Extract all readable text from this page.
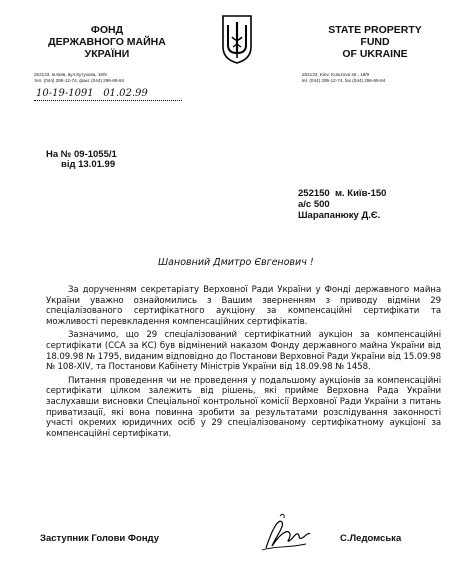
ФОНД
ДЕРЖАВНОГО МАЙНА
УКРАЇНИ
STATE PROPERTY
FUND
OF UKRAINE
252133, м.Київ, вул.Кутузова, 18/9
тел. (044) 295-12-74, факс (044) 296-69-84
252133, Kiev, Kutuzova str., 18/9
tel. (044) 295-12-74, fax (044) 296-69-84
10-19-1091   01.02.99
На № 09-1055/1
від 13.01.99
252150  м. Київ-150
а/с 500
Шарапанюку Д.Є.
Шановний Дмитро Євгенович !

За дорученням секретаріату Верховної Ради України у Фонді державного майна України уважно ознайомились з Вашим зверненням з приводу відміни 29 спеціалізованого сертифікатного аукціону за компенсаційні сертифікати та можливості перевкладення компенсаційних сертифікатів.

Зазначимо, що 29 спеціалізований сертифікатний аукціон за компенсаційні сертифікати (ССА за КС) був відмінений наказом Фонду державного майна України від 18.09.98 № 1795, виданим відповідно до Постанови Верховної Ради України від 15.09.98 № 108-XIV, та Постанови Кабінету Міністрів України від 18.09.98 № 1458.

Питання проведення чи не проведення у подальшому аукціонів за компенсаційні сертифікати цілком залежить від рішень, які прийме Верховна Рада України заслухавши висновки Спеціальної контрольної комісії Верховної Ради України з питань приватизації, які вона повинна зробити за результатами розслідування законності участі окремих юридичних осіб у 29 спеціалізованому сертифікатному аукціоні за компенсаційні сертифікати.

Заступник Голови Фонду	С.Ледомська
